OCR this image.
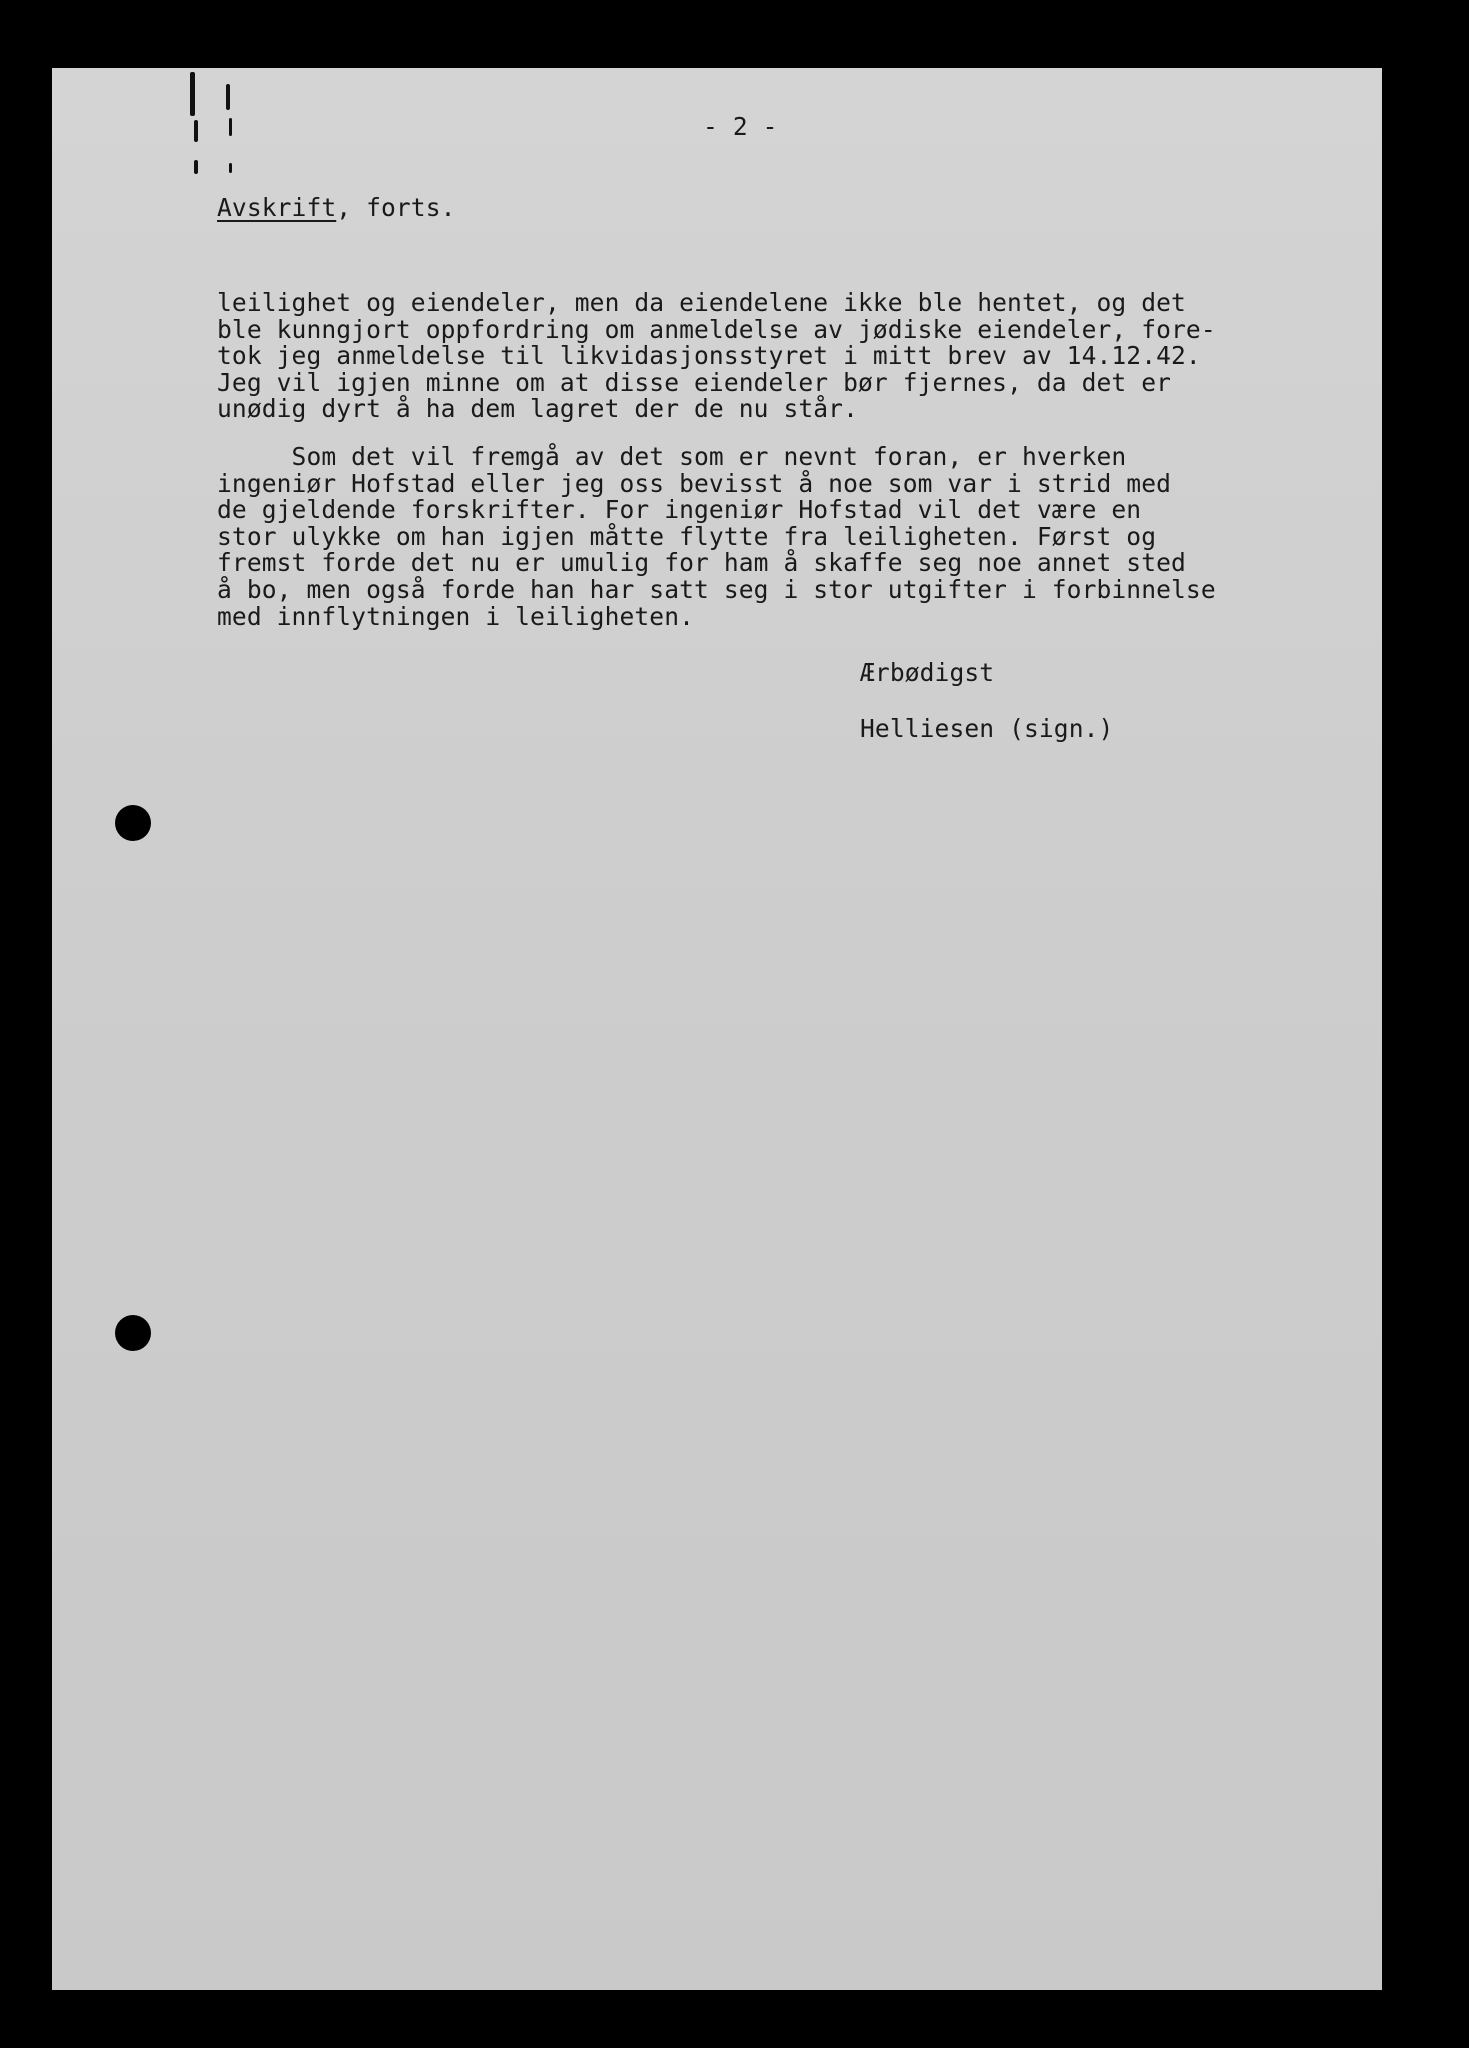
- 2 -
Avskrift, forts.
leilighet og eiendeler, men da eiendelene ikke ble hentet, og det
ble kunngjort oppfordring om anmeldelse av jødiske eiendeler, fore-
tok jeg anmeldelse til likvidasjonsstyret i mitt brev av 14.12.42.
Jeg vil igjen minne om at disse eiendeler bør fjernes, da det er
unødig dyrt å ha dem lagret der de nu står.
Som det vil fremgå av det som er nevnt foran, er hverken
ingeniør Hofstad eller jeg oss bevisst å noe som var i strid med
de gjeldende forskrifter. For ingeniør Hofstad vil det være en
stor ulykke om han igjen måtte flytte fra leiligheten. Først og
fremst forde det nu er umulig for ham å skaffe seg noe annet sted
å bo, men også forde han har satt seg i stor utgifter i forbinnelse
med innflytningen i leiligheten.
Ærbødigst
Helliesen (sign.)
